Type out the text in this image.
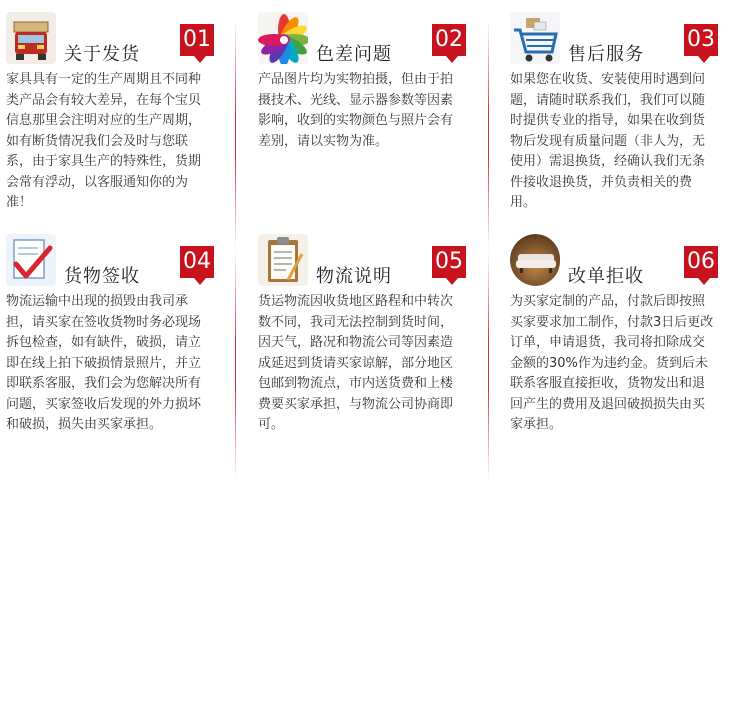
关于发货
01
家具具有一定的生产周期且不同种类产品会有较大差异，在每个宝贝信息那里会注明对应的生产周期，如有断货情况我们会及时与您联系，由于家具生产的特殊性，货期会常有浮动，以客服通知你的为准！
色差问题
02
产品图片均为实物拍摄，但由于拍摄技术、光线、显示器参数等因素影响，收到的实物颜色与照片会有差别，请以实物为准。
售后服务
03
如果您在收货、安装使用时遇到问题，请随时联系我们，我们可以随时提供专业的指导，如果在收到货物后发现有质量问题（非人为，无使用）需退换货，经确认我们无条件接收退换货，并负责相关的费用。
货物签收
04
物流运输中出现的损毁由我司承担，请买家在签收货物时务必现场拆包检查，如有缺件，破损，请立即在线上拍下破损情景照片，并立即联系客服，我们会为您解决所有问题，买家签收后发现的外力损坏和破损，损失由买家承担。
物流说明
05
货运物流因收货地区路程和中转次数不同，我司无法控制到货时间，因天气，路况和物流公司等因素造成延迟到货请买家谅解，部分地区包邮到物流点，市内送货费和上楼费要买家承担，与物流公司协商即可。
改单拒收
06
为买家定制的产品，付款后即按照买家要求加工制作，付款3日后更改订单，申请退货，我司将扣除成交金额的30%作为违约金。货到后未联系客服直接拒收，货物发出和退回产生的费用及退回破损损失由买家承担。
